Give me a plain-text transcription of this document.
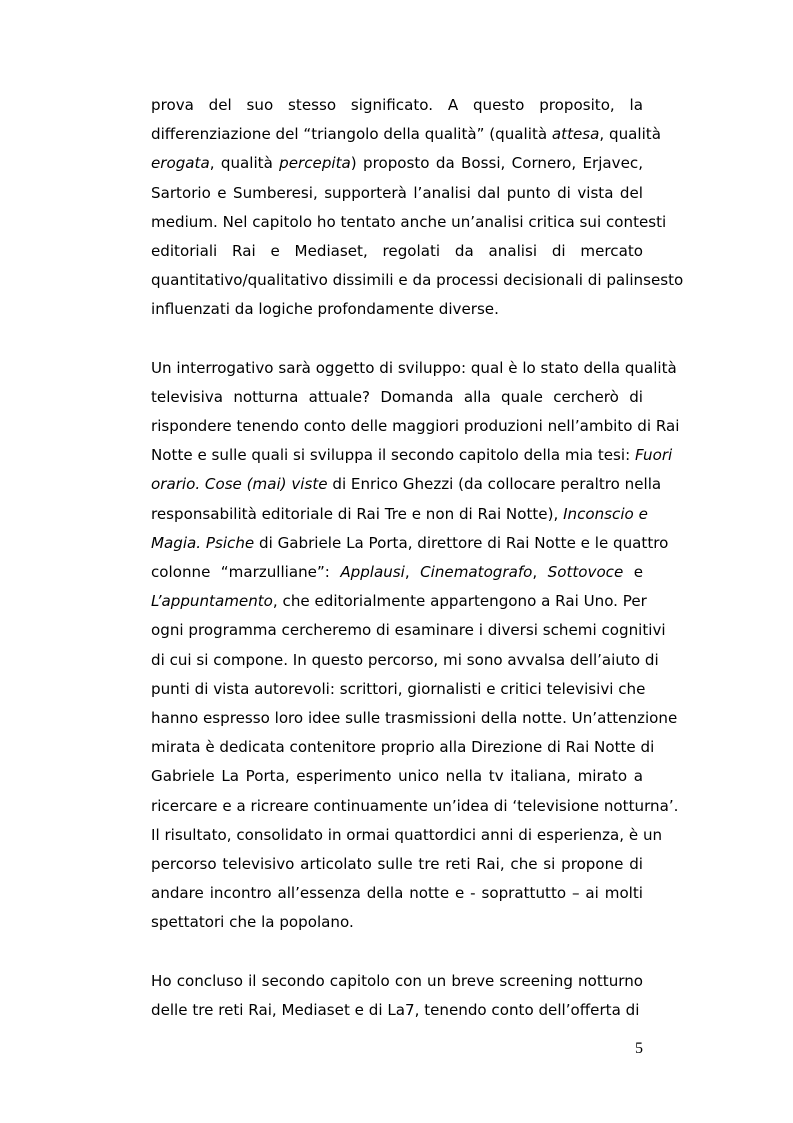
prova del suo stesso significato. A questo proposito, la
differenziazione del “triangolo della qualità” (qualità attesa, qualità
erogata, qualità percepita) proposto da Bossi, Cornero, Erjavec,
Sartorio e Sumberesi, supporterà l’analisi dal punto di vista del
medium. Nel capitolo ho tentato anche un’analisi critica sui contesti
editoriali Rai e Mediaset, regolati da analisi di mercato
quantitativo/qualitativo dissimili e da processi decisionali di palinsesto
influenzati da logiche profondamente diverse.
Un interrogativo sarà oggetto di sviluppo: qual è lo stato della qualità
televisiva notturna attuale? Domanda alla quale cercherò di
rispondere tenendo conto delle maggiori produzioni nell’ambito di Rai
Notte e sulle quali si sviluppa il secondo capitolo della mia tesi: Fuori
orario. Cose (mai) viste di Enrico Ghezzi (da collocare peraltro nella
responsabilità editoriale di Rai Tre e non di Rai Notte), Inconscio e
Magia. Psiche di Gabriele La Porta, direttore di Rai Notte e le quattro
colonne “marzulliane”: Applausi, Cinematografo, Sottovoce e
L’appuntamento, che editorialmente appartengono a Rai Uno. Per
ogni programma cercheremo di esaminare i diversi schemi cognitivi
di cui si compone. In questo percorso, mi sono avvalsa dell’aiuto di
punti di vista autorevoli: scrittori, giornalisti e critici televisivi che
hanno espresso loro idee sulle trasmissioni della notte. Un’attenzione
mirata è dedicata contenitore proprio alla Direzione di Rai Notte di
Gabriele La Porta, esperimento unico nella tv italiana, mirato a
ricercare e a ricreare continuamente un’idea di ‘televisione notturna’.
Il risultato, consolidato in ormai quattordici anni di esperienza, è un
percorso televisivo articolato sulle tre reti Rai, che si propone di
andare incontro all’essenza della notte e - soprattutto – ai molti
spettatori che la popolano.
Ho concluso il secondo capitolo con un breve screening notturno
delle tre reti Rai, Mediaset e di La7, tenendo conto dell’offerta di
5
